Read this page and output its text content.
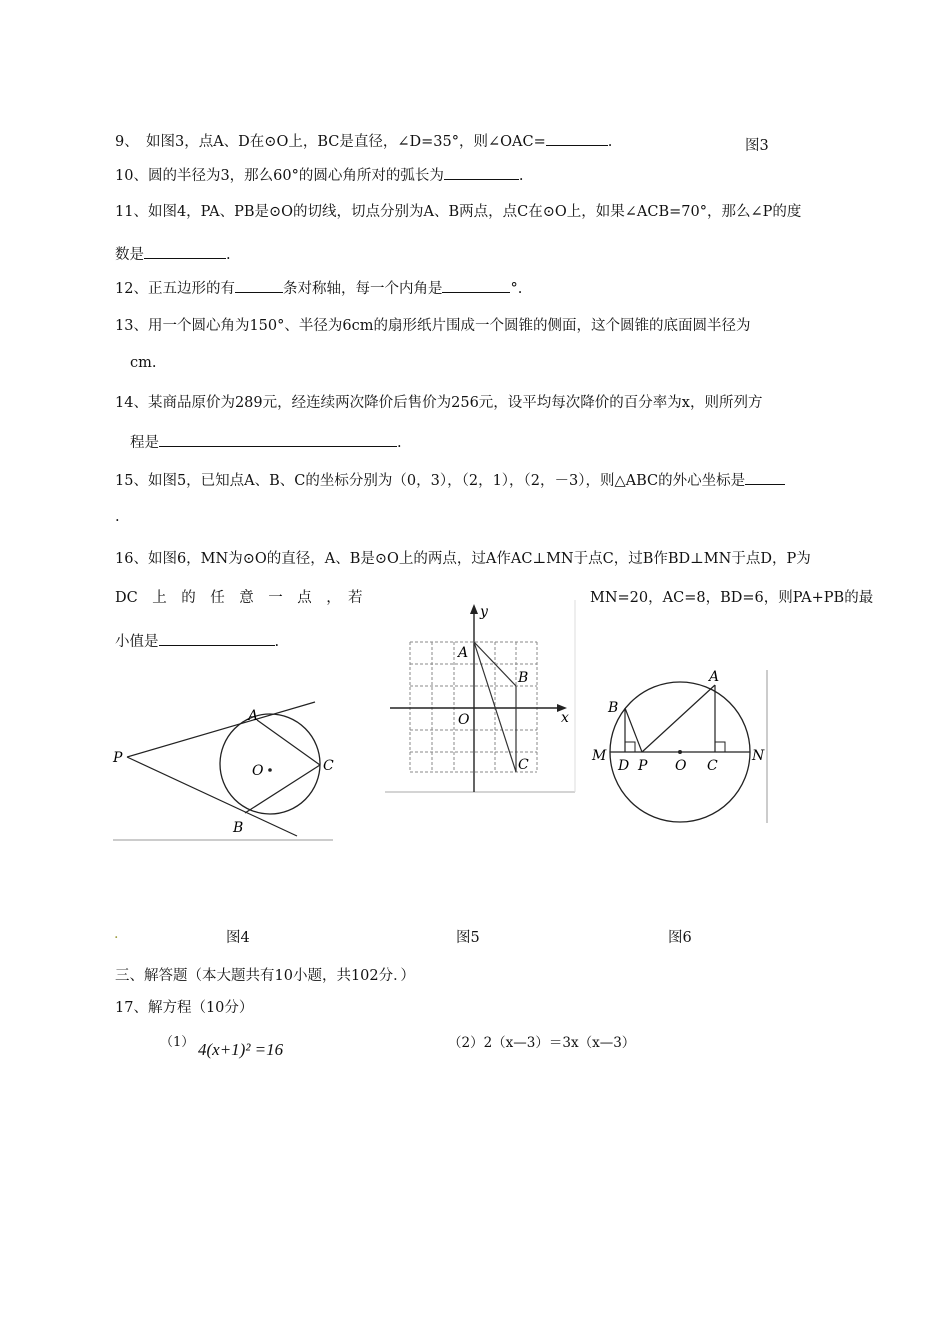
9、　如图3，点A、D在⊙O上，BC是直径，∠D=35°，则∠OAC=	.	图3
10、圆的半径为3，那么60°的圆心角所对的弧长为	.
11、如图4，PA、PB是⊙O的切线，切点分别为A、B两点，点C在⊙O上，如果∠ACB=70°，那么∠P的度
数是	.
12、正五边形的有	条对称轴，每一个内角是	°.
13、用一个圆心角为150°、半径为6cm的扇形纸片围成一个圆锥的侧面，这个圆锥的底面圆半径为
cm.
14、某商品原价为289元，经连续两次降价后售价为256元，设平均每次降价的百分率为x，则所列方
程是	.
15、如图5，已知点A、B、C的坐标分别为（0，3），（2，1），（2，－3），则△ABC的外心坐标是
.
16、如图6，MN为⊙O的直径，A、B是⊙O上的两点，过A作AC⊥MN于点C，过B作BD⊥MN于点D，P为
DC　上　的　任　意　一　点　，　若	MN=20，AC=8，BD=6，则PA+PB的最
小值是	.
A
B
C
P
O
A
B
C
O	x
y
B
A
D P O C
M	N
.	图4	图5	图6
三、解答题（本大题共有10小题，共102分．）
17、解方程（10分）
（1） 4(x+1)² =16	（2）2（x—3）＝3x（x—3）
